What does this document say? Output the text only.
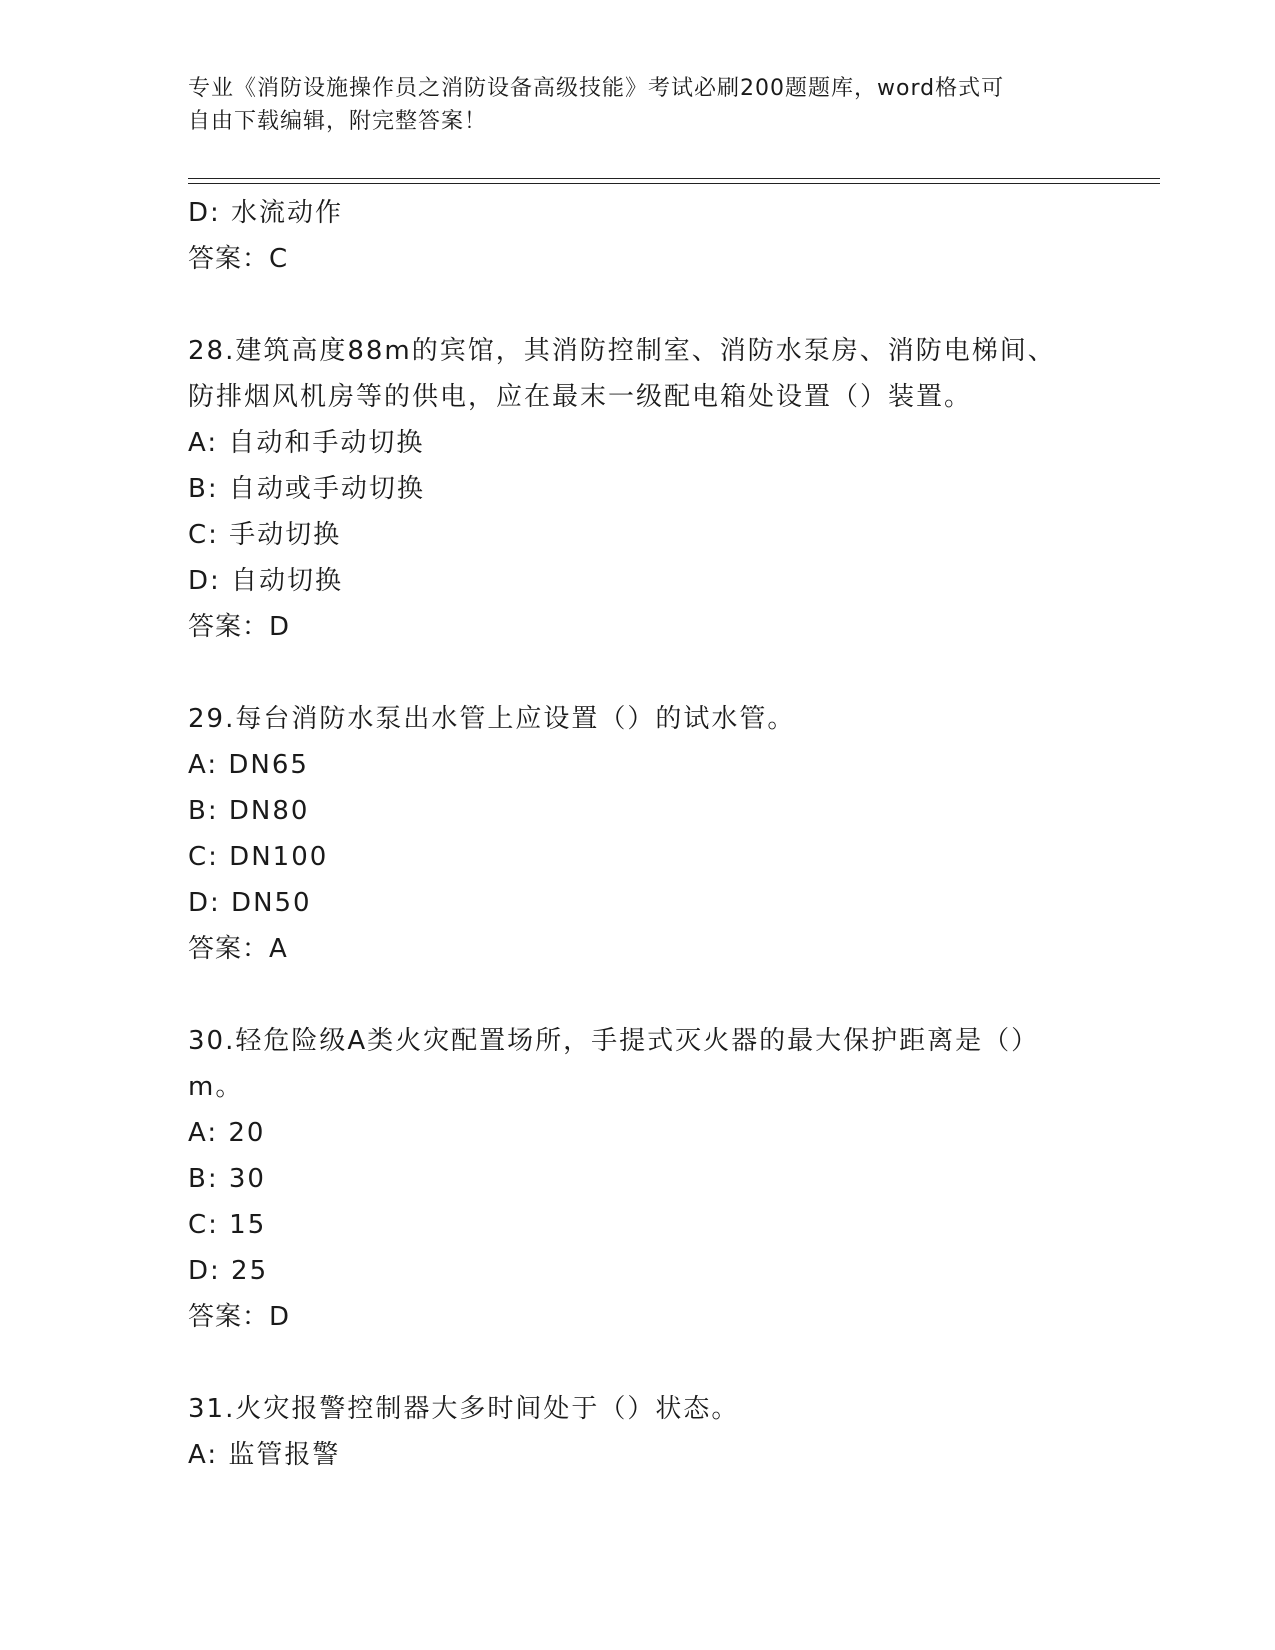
专业《消防设施操作员之消防设备高级技能》考试必刷200题题库，word格式可
自由下载编辑，附完整答案！
D: 水流动作
答案：C
28.建筑高度88m的宾馆，其消防控制室、消防水泵房、消防电梯间、
防排烟风机房等的供电，应在最末一级配电箱处设置（）装置。
A: 自动和手动切换
B: 自动或手动切换
C: 手动切换
D: 自动切换
答案：D
29.每台消防水泵出水管上应设置（）的试水管。
A: DN65
B: DN80
C: DN100
D: DN50
答案：A
30.轻危险级A类火灾配置场所，手提式灭火器的最大保护距离是（）
m。
A: 20
B: 30
C: 15
D: 25
答案：D
31.火灾报警控制器大多时间处于（）状态。
A: 监管报警
